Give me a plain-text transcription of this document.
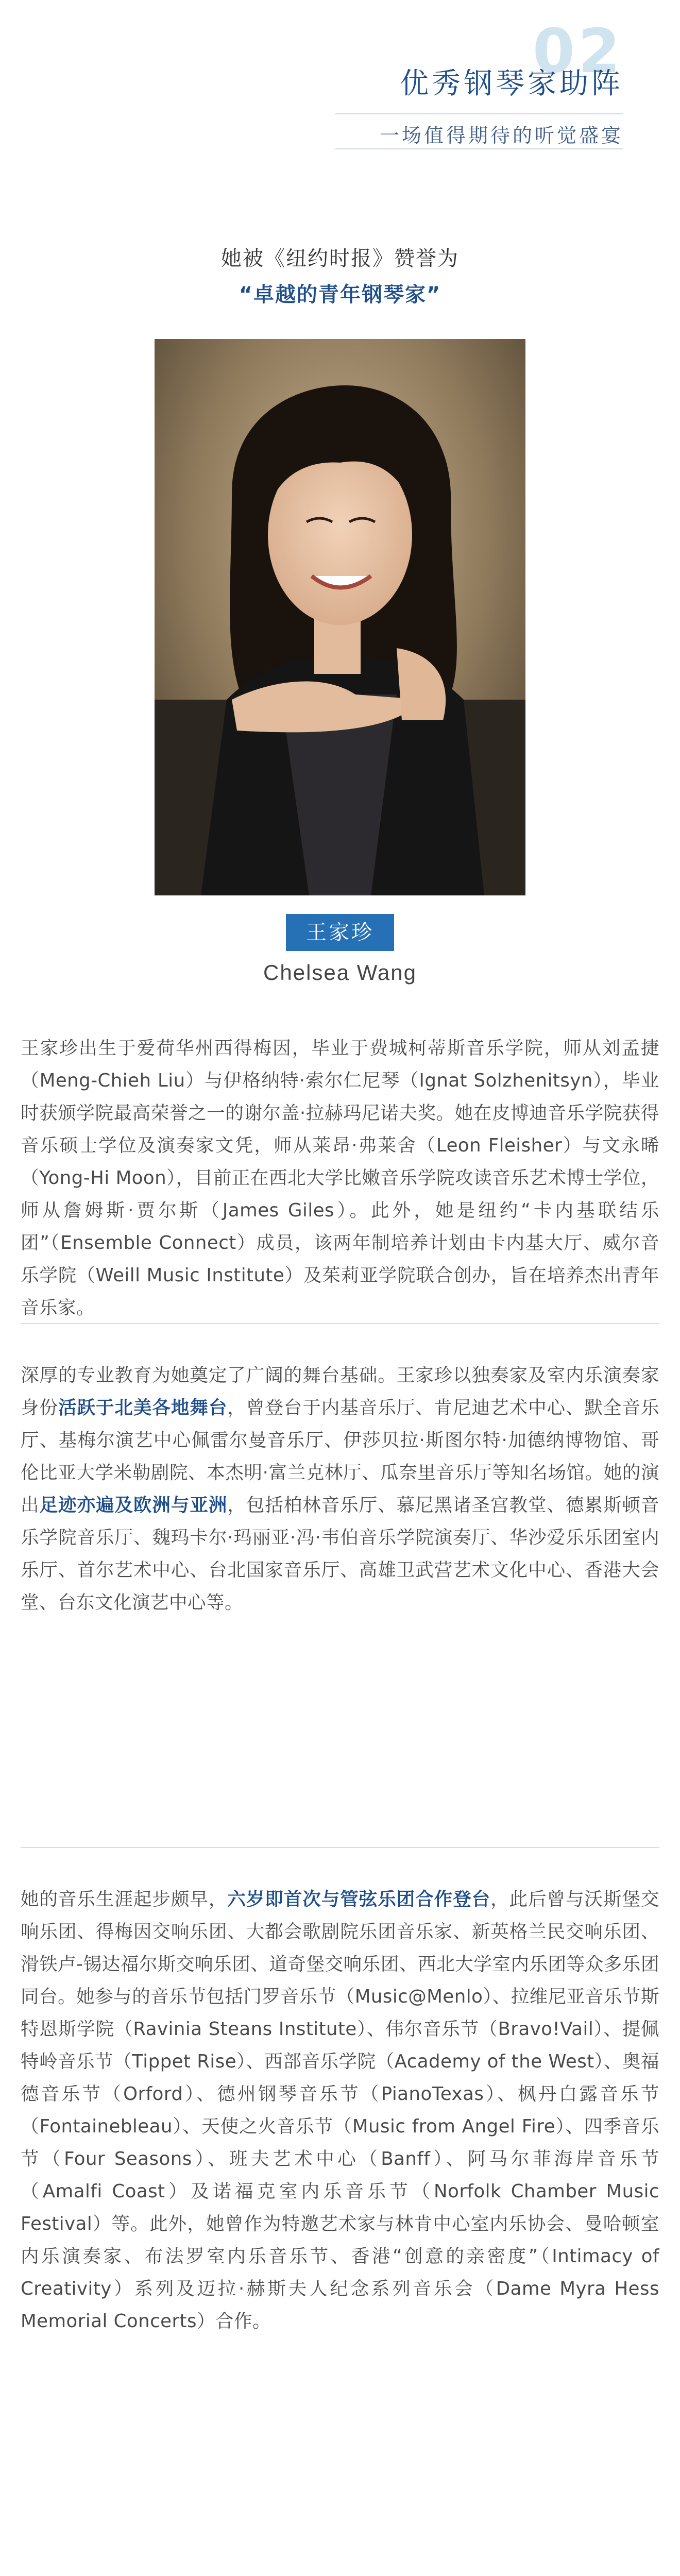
02
优秀钢琴家助阵
一场值得期待的听觉盛宴
她被《纽约时报》赞誉为
“卓越的青年钢琴家”
王家珍
Chelsea Wang

王家珍出生于爱荷华州西得梅因，毕业于费城柯蒂斯音乐学院，师从刘孟捷（Meng-Chieh Liu）与伊格纳特·索尔仁尼琴（Ignat Solzhenitsyn），毕业时获颁学院最高荣誉之一的谢尔盖·拉赫玛尼诺夫奖。她在皮博迪音乐学院获得音乐硕士学位及演奏家文凭，师从莱昂·弗莱舍（Leon Fleisher）与文永晞（Yong-Hi Moon），目前正在西北大学比嫩音乐学院攻读音乐艺术博士学位，师从詹姆斯·贾尔斯（James Giles）。此外，她是纽约“卡内基联结乐团”（Ensemble Connect）成员，该两年制培养计划由卡内基大厅、威尔音乐学院（Weill Music Institute）及茱莉亚学院联合创办，旨在培养杰出青年音乐家。

深厚的专业教育为她奠定了广阔的舞台基础。王家珍以独奏家及室内乐演奏家身份活跃于北美各地舞台，曾登台于内基音乐厅、肯尼迪艺术中心、默全音乐厅、基梅尔演艺中心佩雷尔曼音乐厅、伊莎贝拉·斯图尔特·加德纳博物馆、哥伦比亚大学米勒剧院、本杰明·富兰克林厅、瓜奈里音乐厅等知名场馆。她的演出足迹亦遍及欧洲与亚洲，包括柏林音乐厅、慕尼黑诸圣宫教堂、德累斯顿音乐学院音乐厅、魏玛卡尔·玛丽亚·冯·韦伯音乐学院演奏厅、华沙爱乐乐团室内乐厅、首尔艺术中心、台北国家音乐厅、高雄卫武营艺术文化中心、香港大会堂、台东文化演艺中心等。

她的音乐生涯起步颇早，六岁即首次与管弦乐团合作登台，此后曾与沃斯堡交响乐团、得梅因交响乐团、大都会歌剧院乐团音乐家、新英格兰民交响乐团、滑铁卢-锡达福尔斯交响乐团、道奇堡交响乐团、西北大学室内乐团等众多乐团同台。她参与的音乐节包括门罗音乐节（Music@Menlo）、拉维尼亚音乐节斯特恩斯学院（Ravinia Steans Institute）、伟尔音乐节（Bravo!Vail）、提佩特岭音乐节（Tippet Rise）、西部音乐学院（Academy of the West）、奥福德音乐节（Orford）、德州钢琴音乐节（PianoTexas）、枫丹白露音乐节（Fontainebleau）、天使之火音乐节（Music from Angel Fire）、四季音乐节（Four Seasons）、班夫艺术中心（Banff）、阿马尔菲海岸音乐节（Amalfi Coast）及诺福克室内乐音乐节（Norfolk Chamber Music Festival）等。此外，她曾作为特邀艺术家与林肯中心室内乐协会、曼哈顿室内乐演奏家、布法罗室内乐音乐节、香港“创意的亲密度”（Intimacy of Creativity）系列及迈拉·赫斯夫人纪念系列音乐会（Dame Myra Hess Memorial Concerts）合作。
